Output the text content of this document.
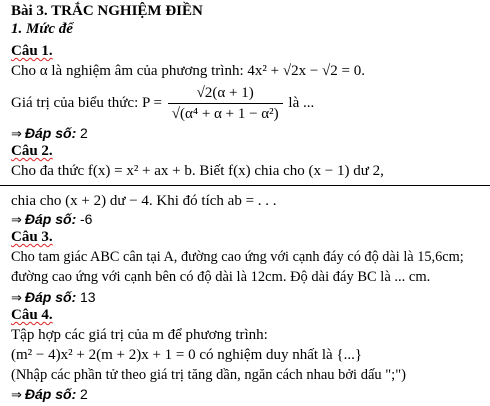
Bài 3. TRẮC NGHIỆM ĐIỀN
1. Mức để
Câu 1.
Cho α là nghiệm âm của phương trình: 4x² + √2x − √2 = 0.
Giá trị của biểu thức: $P = \frac{√2(\alpha + 1)}{\text{√(α⁴ + α + 1 − α²)}}$ là ...
⇒ Đáp số: 2
Câu 2.
Cho đa thức f(x) = x² + ax + b. Biết f(x) chia cho (x − 1) dư 2,
chia cho (x + 2) dư − 4. Khi đó tích ab = . . .
⇒ Đáp số: -6
Câu 3.
Cho tam giác ABC cân tại A, đường cao ứng với cạnh đáy có độ dài là 15,6cm;
đường cao ứng với cạnh bên có độ dài là 12cm. Độ dài đáy BC là ... cm.
⇒ Đáp số: 13
Câu 4.
Tập hợp các giá trị của m để phương trình:
(m² − 4)x² + 2(m + 2)x + 1 = 0 có nghiệm duy nhất là {...}
(Nhập các phần tử theo giá trị tăng dần, ngăn cách nhau bởi dấu ";")
⇒ Đáp số: 2
